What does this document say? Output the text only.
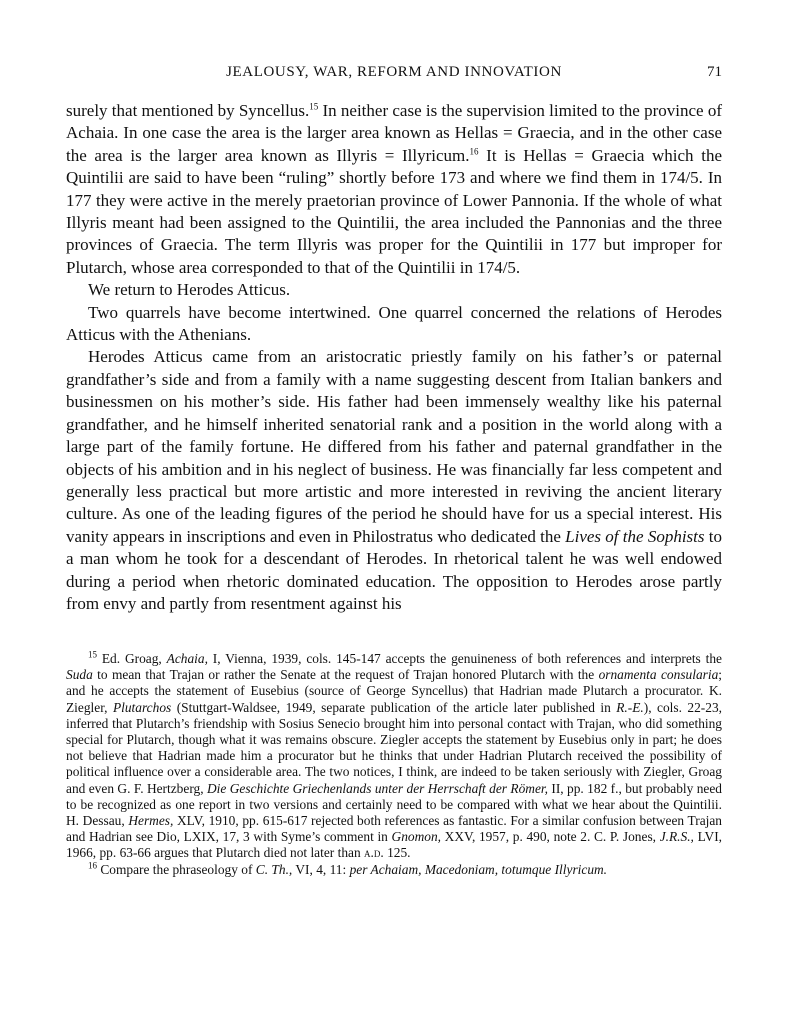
JEALOUSY, WAR, REFORM AND INNOVATION	71

surely that mentioned by Syncellus.$^{15}$ In neither case is the supervision limited to the province of Achaia. In one case the area is the larger area known as Hellas = Graecia, and in the other case the area is the larger area known as Illyris = Illyricum.$^{16}$ It is Hellas = Graecia which the Quintilii are said to have been “ruling” shortly before 173 and where we find them in 174/5. In 177 they were active in the merely praetorian province of Lower Pannonia. If the whole of what Illyris meant had been assigned to the Quintilii, the area included the Pannonias and the three provinces of Graecia. The term Illyris was proper for the Quintilii in 177 but improper for Plutarch, whose area corresponded to that of the Quintilii in 174/5.

We return to Herodes Atticus.

Two quarrels have become intertwined. One quarrel concerned the relations of Herodes Atticus with the Athenians.

Herodes Atticus came from an aristocratic priestly family on his father’s or paternal grandfather’s side and from a family with a name suggesting descent from Italian bankers and businessmen on his mother’s side. His father had been immensely wealthy like his paternal grandfather, and he himself inherited senatorial rank and a position in the world along with a large part of the family fortune. He differed from his father and paternal grandfather in the objects of his ambition and in his neglect of business. He was financially far less competent and generally less practical but more artistic and more interested in reviving the ancient literary culture. As one of the leading figures of the period he should have for us a special interest. His vanity appears in inscriptions and even in Philostratus who dedicated the Lives of the Sophists to a man whom he took for a descendant of Herodes. In rhetorical talent he was well endowed during a period when rhetoric dominated education. The opposition to Herodes arose partly from envy and partly from resentment against his

$^{15}$ Ed. Groag, Achaia, I, Vienna, 1939, cols. 145-147 accepts the genuineness of both references and interprets the Suda to mean that Trajan or rather the Senate at the request of Trajan honored Plutarch with the ornamenta consularia; and he accepts the statement of Eusebius (source of George Syncellus) that Hadrian made Plutarch a procurator. K. Ziegler, Plutarchos (Stuttgart-Waldsee, 1949, separate publication of the article later published in R.-E.), cols. 22-23, inferred that Plutarch’s friendship with Sosius Senecio brought him into personal contact with Trajan, who did something special for Plutarch, though what it was remains obscure. Ziegler accepts the statement by Eusebius only in part; he does not believe that Hadrian made him a procurator but he thinks that under Hadrian Plutarch received the possibility of political influence over a considerable area. The two notices, I think, are indeed to be taken seriously with Ziegler, Groag and even G. F. Hertzberg, Die Geschichte Griechenlands unter der Herrschaft der Römer, II, pp. 182 f., but probably need to be recognized as one report in two versions and certainly need to be compared with what we hear about the Quintilii. H. Dessau, Hermes, XLV, 1910, pp. 615-617 rejected both references as fantastic. For a similar confusion between Trajan and Hadrian see Dio, LXIX, 17, 3 with Syme’s comment in Gnomon, XXV, 1957, p. 490, note 2. C. P. Jones, J.R.S., LVI, 1966, pp. 63-66 argues that Plutarch died not later than a.d. 125.

$^{16}$ Compare the phraseology of C. Th., VI, 4, 11: per Achaiam, Macedoniam, totumque Illyricum.
